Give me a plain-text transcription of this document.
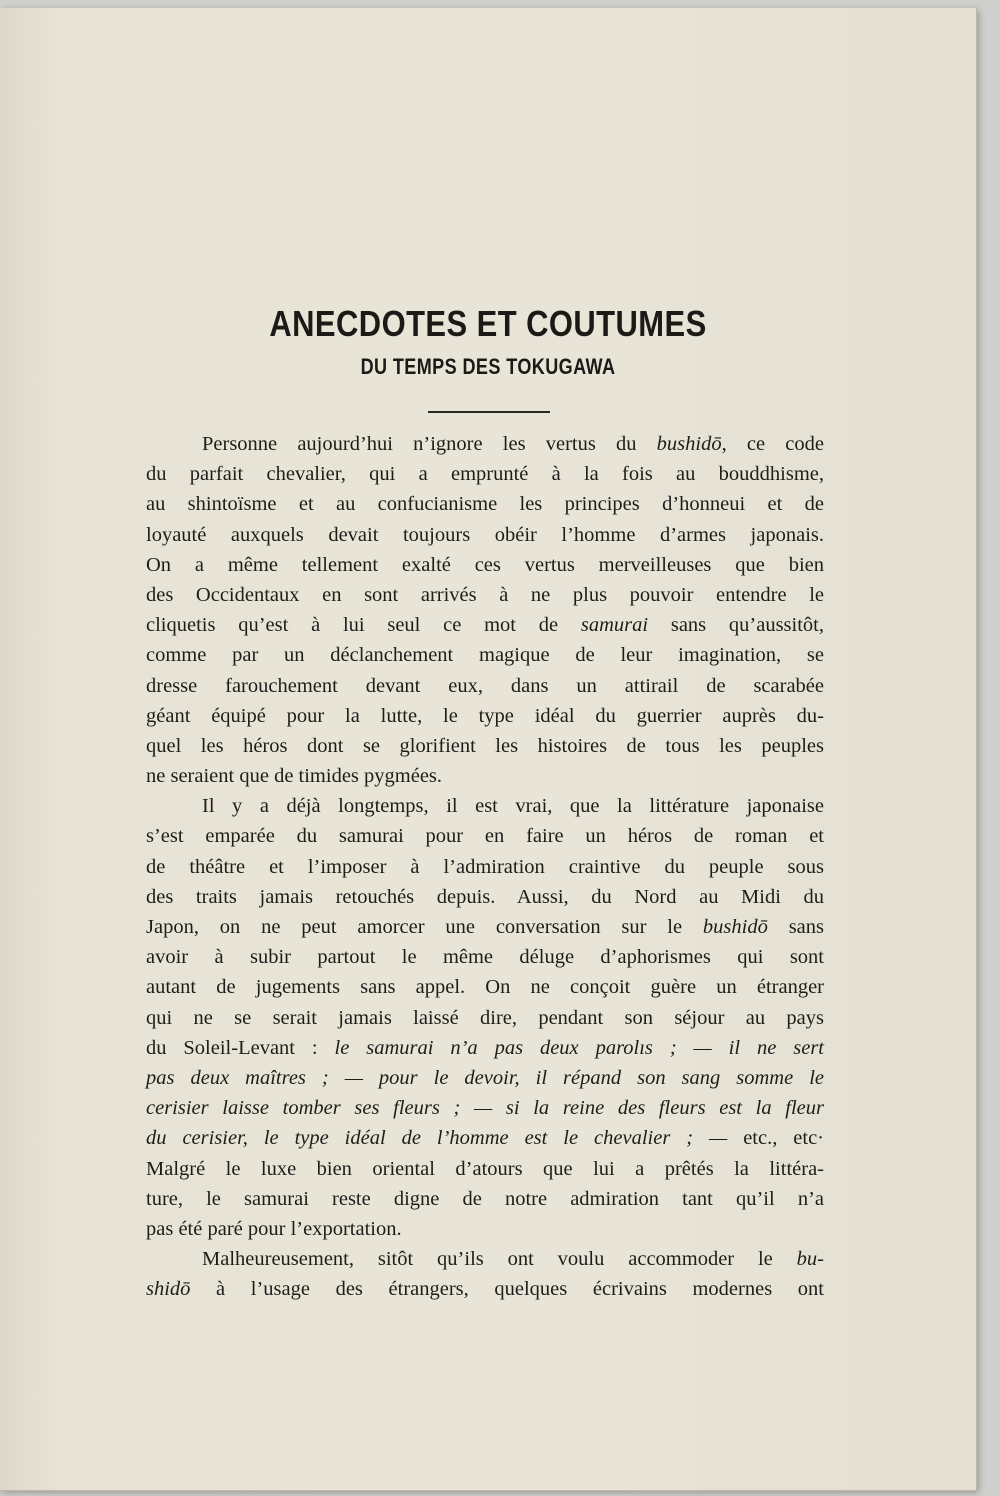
ANECDOTES ET COUTUMES
DU TEMPS DES TOKUGAWA
Personne aujourd’hui n’ignore les vertus du bushidō, ce code
du parfait chevalier, qui a emprunté à la fois au bouddhisme,
au shintoïsme et au confucianisme les principes d’honneui et de
loyauté auxquels devait toujours obéir l’homme d’armes japonais.
On a même tellement exalté ces vertus merveilleuses que bien
des Occidentaux en sont arrivés à ne plus pouvoir entendre le
cliquetis qu’est à lui seul ce mot de samurai sans qu’aussitôt,
comme par un déclanchement magique de leur imagination, se
dresse farouchement devant eux, dans un attirail de scarabée
géant équipé pour la lutte, le type idéal du guerrier auprès du-
quel les héros dont se glorifient les histoires de tous les peuples
ne seraient que de timides pygmées.
Il y a déjà longtemps, il est vrai, que la littérature japonaise
s’est emparée du samurai pour en faire un héros de roman et
de théâtre et l’imposer à l’admiration craintive du peuple sous
des traits jamais retouchés depuis. Aussi, du Nord au Midi du
Japon, on ne peut amorcer une conversation sur le bushidō sans
avoir à subir partout le même déluge d’aphorismes qui sont
autant de jugements sans appel. On ne conçoit guère un étranger
qui ne se serait jamais laissé dire, pendant son séjour au pays
du Soleil-Levant : le samurai n’a pas deux parolıs ; — il ne sert
pas deux maîtres ; — pour le devoir, il répand son sang somme le
cerisier laisse tomber ses fleurs ; — si la reine des fleurs est la fleur
du cerisier, le type idéal de l’homme est le chevalier ; — etc., etc·
Malgré le luxe bien oriental d’atours que lui a prêtés la littéra-
ture, le samurai reste digne de notre admiration tant qu’il n’a
pas été paré pour l’exportation.
Malheureusement, sitôt qu’ils ont voulu accommoder le bu-
shidō à l’usage des étrangers, quelques écrivains modernes ont
